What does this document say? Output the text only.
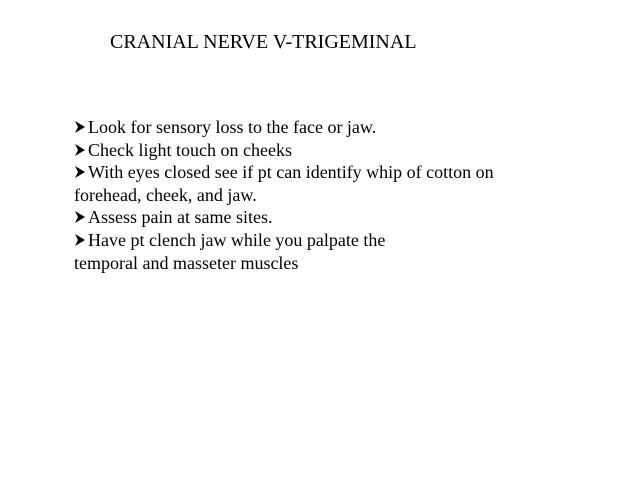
CRANIAL NERVE V-TRIGEMINAL
Look for sensory loss to the face or jaw.
Check light touch on cheeks
With eyes closed see if pt can identify whip of cotton on
forehead, cheek, and jaw.
Assess pain at same sites.
Have pt clench jaw while you palpate the
temporal and masseter muscles
